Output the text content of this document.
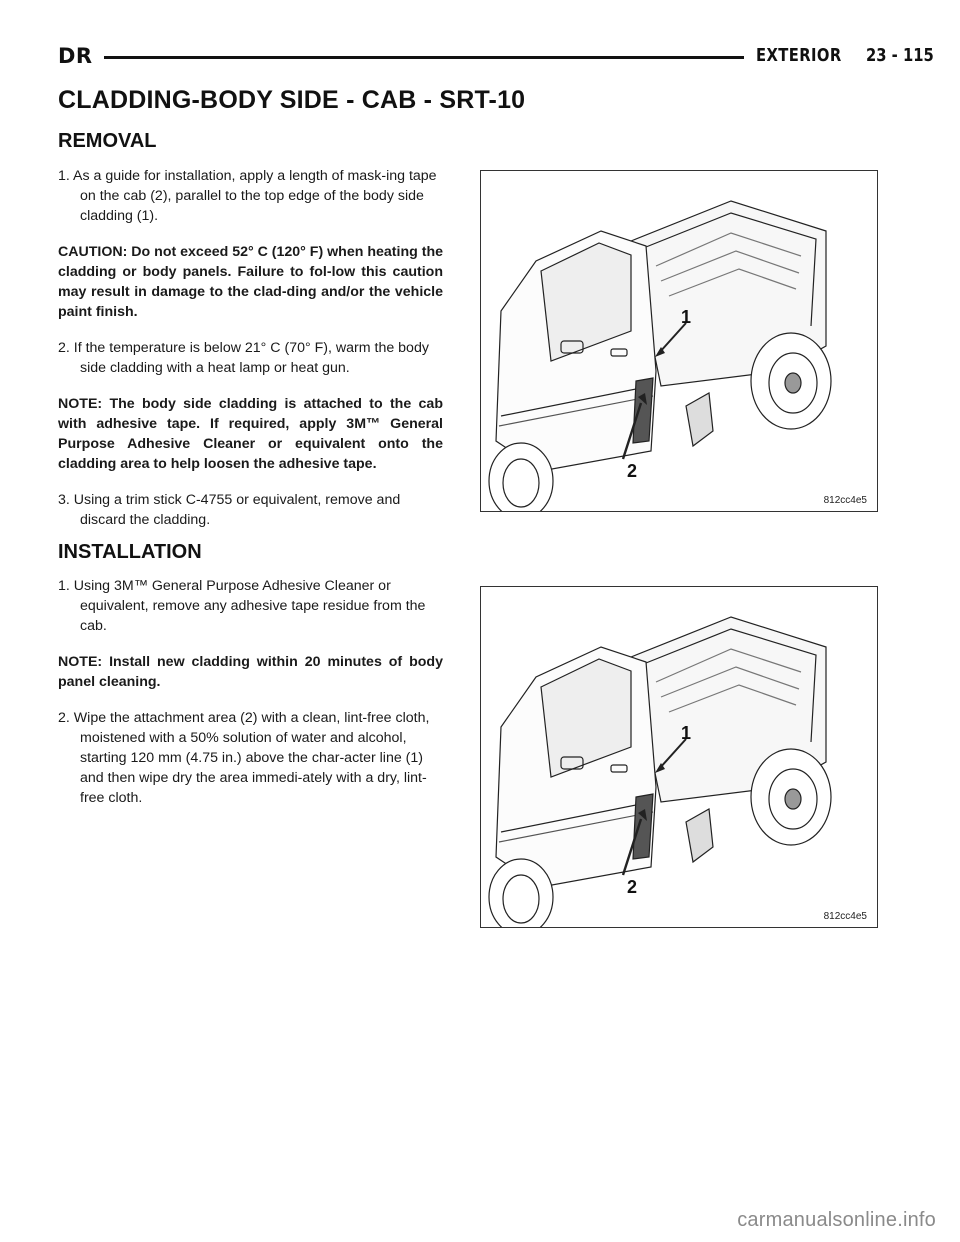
DR	EXTERIOR 23 - 115
CLADDING-BODY SIDE - CAB - SRT-10
REMOVAL

1. As a guide for installation, apply a length of mask-ing tape on the cab (2), parallel to the top edge of the body side cladding (1).

CAUTION: Do not exceed 52° C (120° F) when heating the cladding or body panels. Failure to fol-low this caution may result in damage to the clad-ding and/or the vehicle paint finish.

2. If the temperature is below 21° C (70° F), warm the body side cladding with a heat lamp or heat gun.

NOTE: The body side cladding is attached to the cab with adhesive tape. If required, apply 3M™ General Purpose Adhesive Cleaner or equivalent onto the cladding area to help loosen the adhesive tape.

3. Using a trim stick C-4755 or equivalent, remove and discard the cladding.

1
2
812cc4e5
INSTALLATION

1. Using 3M™ General Purpose Adhesive Cleaner or equivalent, remove any adhesive tape residue from the cab.

NOTE: Install new cladding within 20 minutes of body panel cleaning.

2. Wipe the attachment area (2) with a clean, lint-free cloth, moistened with a 50% solution of water and alcohol, starting 120 mm (4.75 in.) above the char-acter line (1) and then wipe dry the area immedi-ately with a dry, lint-free cloth.

1
2
812cc4e5
carmanualsonline.info
